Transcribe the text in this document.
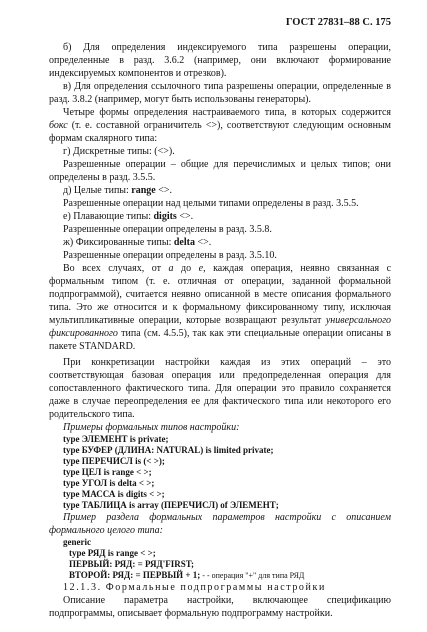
ГОСТ 27831–88 С. 175

б) Для определения индексируемого типа разрешены операции, определенные в разд. 3.6.2 (например, они включают формирование индексируемых компонентов и отрезков).

в) Для определения ссылочного типа разрешены операции, определенные в разд. 3.8.2 (например, могут быть использованы генераторы).

Четыре формы определения настраиваемого типа, в которых содержится бокс (т. е. составной ограничитель <>), соответствуют следующим основным формам скалярного типа:

г) Дискретные типы: (<>).

Разрешенные операции – общие для перечислимых и целых типов; они определены в разд. 3.5.5.

д) Целые типы: range <>.

Разрешенные операции над целыми типами определены в разд. 3.5.5.

е) Плавающие типы: digits <>.

Разрешенные операции определены в разд. 3.5.8.

ж) Фиксированные типы: delta <>.

Разрешенные операции определены в разд. 3.5.10.

Во всех случаях, от а до е, каждая операция, неявно связанная с формальным типом (т. е. отличная от операции, заданной формальной подпрограммой), считается неявно описанной в месте описания формального типа. Это же относится и к формальному фиксированному типу, исключая мультипликативные операции, которые возвращают результат универсального фиксированного типа (см. 4.5.5), так как эти специальные операции описаны в пакете STANDARD.

При конкретизации настройки каждая из этих операций – это соответствующая базовая операция или предопределенная операция для сопоставленного фактического типа. Для операции это правило сохраняется даже в случае переопределения ее для фактического типа или некоторого его родительского типа.

Примеры формальных типов настройки:

type ЭЛЕМЕНТ is private;

type БУФЕР (ДЛИНА: NATURAL) is limited private;

type ПЕРЕЧИСЛ is (< >);

type ЦЕЛ is range < >;

type УГОЛ is delta < >;

type МАССА is digits < >;

type ТАБЛИЦА is array (ПЕРЕЧИСЛ) of ЭЛЕМЕНТ;

Пример раздела формальных параметров настройки с описанием формального целого типа:

generic

type РЯД is range < >;

ПЕРВЫЙ: РЯД: = РЯД'FIRST;

ВТОРОЙ: РЯД: = ПЕРВЫЙ + 1; - - операция "+" для типа РЯД

12.1.3. Формальные подпрограммы настройки

Описание параметра настройки, включающее спецификацию подпрограммы, описывает формальную подпрограмму настройки.
